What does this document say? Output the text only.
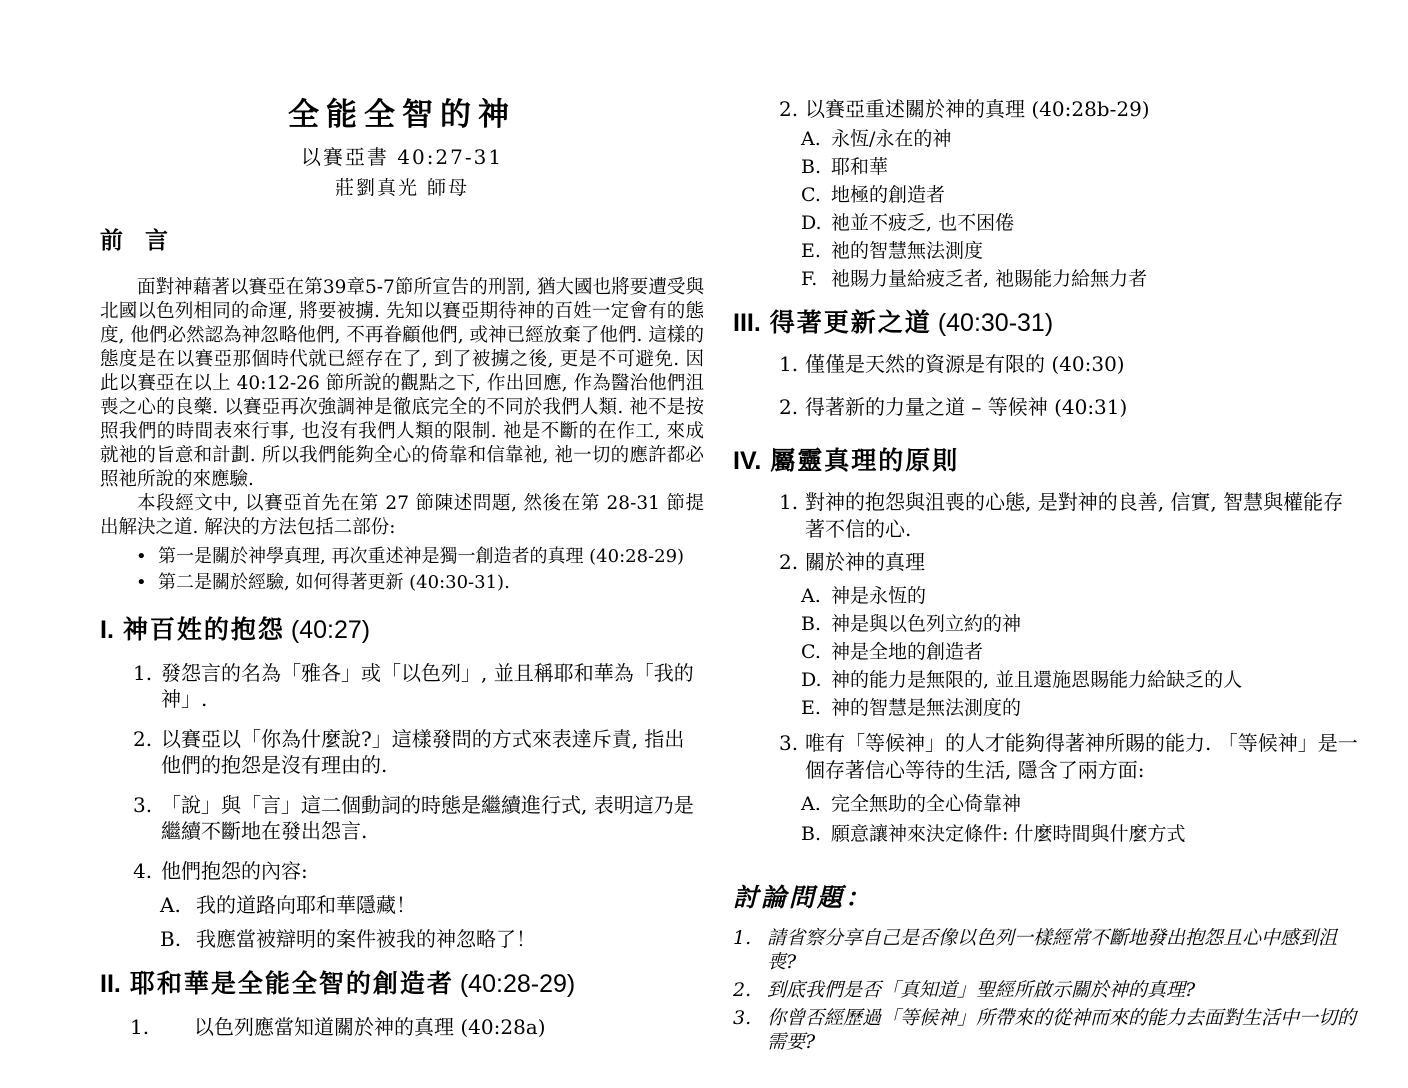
全能全智的神
以賽亞書 40:27-31
莊劉真光 師母
前 言

面對神藉著以賽亞在第39章5-7節所宣告的刑罰, 猶大國也將要遭受與北國以色列相同的命運, 將要被擄. 先知以賽亞期待神的百姓一定會有的態度, 他們必然認為神忽略他們, 不再眷顧他們, 或神已經放棄了他們. 這樣的態度是在以賽亞那個時代就已經存在了, 到了被擄之後, 更是不可避免. 因此以賽亞在以上 40:12-26 節所說的觀點之下, 作出回應, 作為醫治他們沮喪之心的良藥. 以賽亞再次強調神是徹底完全的不同於我們人類. 祂不是按照我們的時間表來行事, 也沒有我們人類的限制. 祂是不斷的在作工, 來成就祂的旨意和計劃. 所以我們能夠全心的倚靠和信靠祂, 祂一切的應許都必照祂所說的來應驗.

本段經文中, 以賽亞首先在第 27 節陳述問題, 然後在第 28-31 節提出解決之道. 解決的方法包括二部份:

• 第一是關於神學真理, 再次重述神是獨一創造者的真理 (40:28-29)
• 第二是關於經驗, 如何得著更新 (40:30-31).
I. 神百姓的抱怨 (40:27)
1. 發怨言的名為「雅各」或「以色列」, 並且稱耶和華為「我的神」.
2. 以賽亞以「你為什麼說?」這樣發問的方式來表達斥責, 指出他們的抱怨是沒有理由的.
3. 「說」與「言」這二個動詞的時態是繼續進行式, 表明這乃是繼續不斷地在發出怨言.
4. 他們抱怨的內容:
A. 我的道路向耶和華隱藏！
B. 我應當被辯明的案件被我的神忽略了！
II. 耶和華是全能全智的創造者 (40:28-29)
1.	以色列應當知道關於神的真理 (40:28a)
2. 以賽亞重述關於神的真理 (40:28b-29)
A. 永恆/永在的神
B. 耶和華
C. 地極的創造者
D. 祂並不疲乏, 也不困倦
E. 祂的智慧無法測度
F. 祂賜力量給疲乏者, 祂賜能力給無力者
III. 得著更新之道 (40:30-31)
1. 僅僅是天然的資源是有限的 (40:30)
2. 得著新的力量之道 – 等候神 (40:31)
IV. 屬靈真理的原則
1. 對神的抱怨與沮喪的心態, 是對神的良善, 信實, 智慧與權能存著不信的心.
2. 關於神的真理
A. 神是永恆的
B. 神是與以色列立約的神
C. 神是全地的創造者
D. 神的能力是無限的, 並且還施恩賜能力給缺乏的人
E. 神的智慧是無法測度的
3. 唯有「等候神」的人才能夠得著神所賜的能力. 「等候神」是一個存著信心等待的生活, 隱含了兩方面:
A. 完全無助的全心倚靠神
B. 願意讓神來決定條件: 什麼時間與什麼方式
討論問題：
1. 請省察分享自己是否像以色列一樣經常不斷地發出抱怨且心中感到沮喪?
2. 到底我們是否「真知道」聖經所啟示關於神的真理?
3. 你曾否經歷過「等候神」所帶來的從神而來的能力去面對生活中一切的需要?
